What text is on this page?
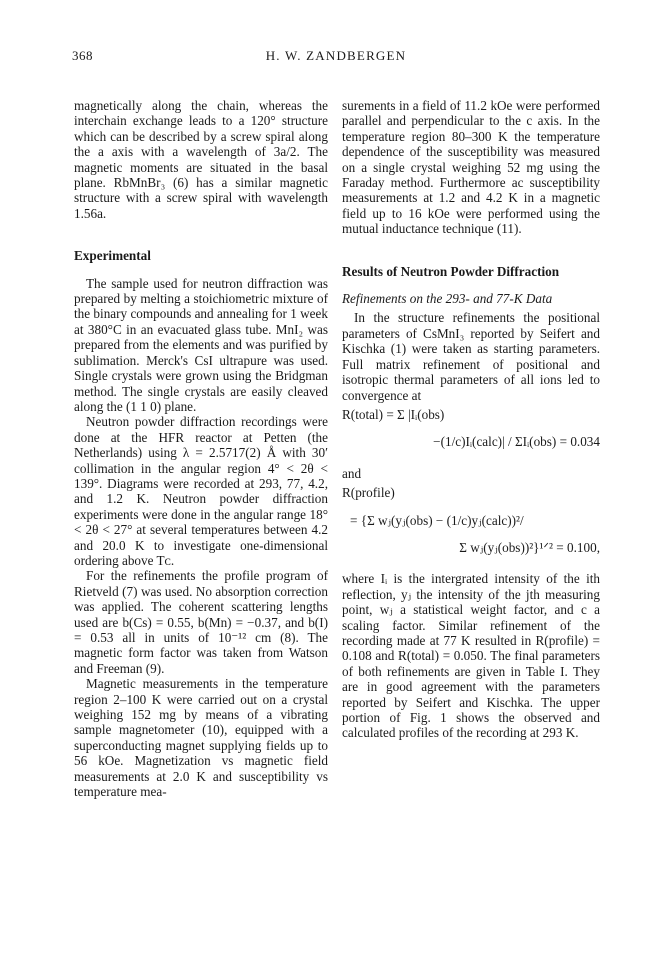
368	H. W. ZANDBERGEN

magnetically along the chain, whereas the interchain exchange leads to a 120° structure which can be described by a screw spiral along the a axis with a wavelength of 3a/2. The magnetic moments are situated in the basal plane. RbMnBr₃ (6) has a similar magnetic structure with a screw spiral with wavelength 1.56a.

Experimental

The sample used for neutron diffraction was prepared by melting a stoichiometric mixture of the binary compounds and annealing for 1 week at 380°C in an evacuated glass tube. MnI₂ was prepared from the elements and was purified by sublimation. Merck's CsI ultrapure was used. Single crystals were grown using the Bridgman method. The single crystals are easily cleaved along the (1 1 0) plane.

Neutron powder diffraction recordings were done at the HFR reactor at Petten (the Netherlands) using λ = 2.5717(2) Å with 30′ collimation in the angular region 4° < 2θ < 139°. Diagrams were recorded at 293, 77, 4.2, and 1.2 K. Neutron powder diffraction experiments were done in the angular range 18° < 2θ < 27° at several temperatures between 4.2 and 20.0 K to investigate one-dimensional ordering above Tᴄ.

For the refinements the profile program of Rietveld (7) was used. No absorption correction was applied. The coherent scattering lengths used are b(Cs) = 0.55, b(Mn) = −0.37, and b(I) = 0.53 all in units of 10⁻¹² cm (8). The magnetic form factor was taken from Watson and Freeman (9).

Magnetic measurements in the temperature region 2–100 K were carried out on a crystal weighing 152 mg by means of a vibrating sample magnetometer (10), equipped with a superconducting magnet supplying fields up to 56 kOe. Magnetization vs magnetic field measurements at 2.0 K and susceptibility vs temperature mea-

surements in a field of 11.2 kOe were performed parallel and perpendicular to the c axis. In the temperature region 80–300 K the temperature dependence of the susceptibility was measured on a single crystal weighing 52 mg using the Faraday method. Furthermore ac susceptibility measurements at 1.2 and 4.2 K in a magnetic field up to 16 kOe were performed using the mutual inductance technique (11).

Results of Neutron Powder Diffraction

Refinements on the 293- and 77-K Data

In the structure refinements the positional parameters of CsMnI₃ reported by Seifert and Kischka (1) were taken as starting parameters. Full matrix refinement of positional and isotropic thermal parameters of all ions led to convergence at

R(total) = Σ |Iᵢ(obs)
−(1/c)Iᵢ(calc)| / ΣIᵢ(obs) = 0.034
and
R(profile)
= {Σ wⱼ(yⱼ(obs) − (1/c)yⱼ(calc))²/
Σ wⱼ(yⱼ(obs))²}¹ᐟ² = 0.100,

where Iᵢ is the intergrated intensity of the ith reflection, yⱼ the intensity of the jth measuring point, wⱼ a statistical weight factor, and c a scaling factor. Similar refinement of the recording made at 77 K resulted in R(profile) = 0.108 and R(total) = 0.050. The final parameters of both refinements are given in Table I. They are in good agreement with the parameters reported by Seifert and Kischka. The upper portion of Fig. 1 shows the observed and calculated profiles of the recording at 293 K.
